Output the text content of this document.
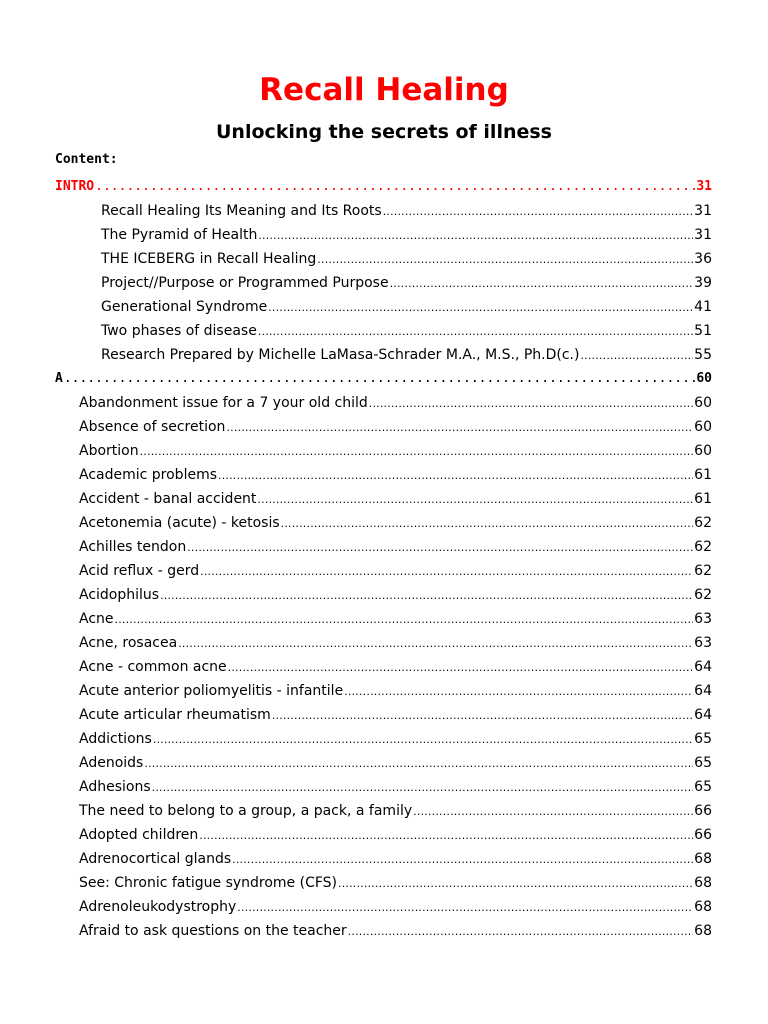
Recall Healing
Unlocking the secrets of illness
Content:
INTRO .....	31
Recall Healing Its Meaning and Its Roots .....	31
The Pyramid of Health .....	31
THE ICEBERG in Recall Healing .....	36
Project//Purpose or Programmed Purpose .....	39
Generational Syndrome .....	41
Two phases of disease .....	51
Research Prepared by Michelle LaMasa-Schrader M.A., M.S., Ph.D(c.) .....	55
A .....	60
Abandonment issue for a 7 your old child .....	60
Absence of secretion .....	60
Abortion .....	60
Academic problems .....	61
Accident - banal accident .....	61
Acetonemia (acute) - ketosis .....	62
Achilles tendon .....	62
Acid reflux - gerd .....	62
Acidophilus .....	62
Acne .....	63
Acne, rosacea .....	63
Acne - common acne .....	64
Acute anterior poliomyelitis - infantile .....	64
Acute articular rheumatism .....	64
Addictions .....	65
Adenoids .....	65
Adhesions .....	65
The need to belong to a group, a pack, a family .....	66
Adopted children .....	66
Adrenocortical glands .....	68
See: Chronic fatigue syndrome (CFS) .....	68
Adrenoleukodystrophy .....	68
Afraid to ask questions on the teacher .....	68
